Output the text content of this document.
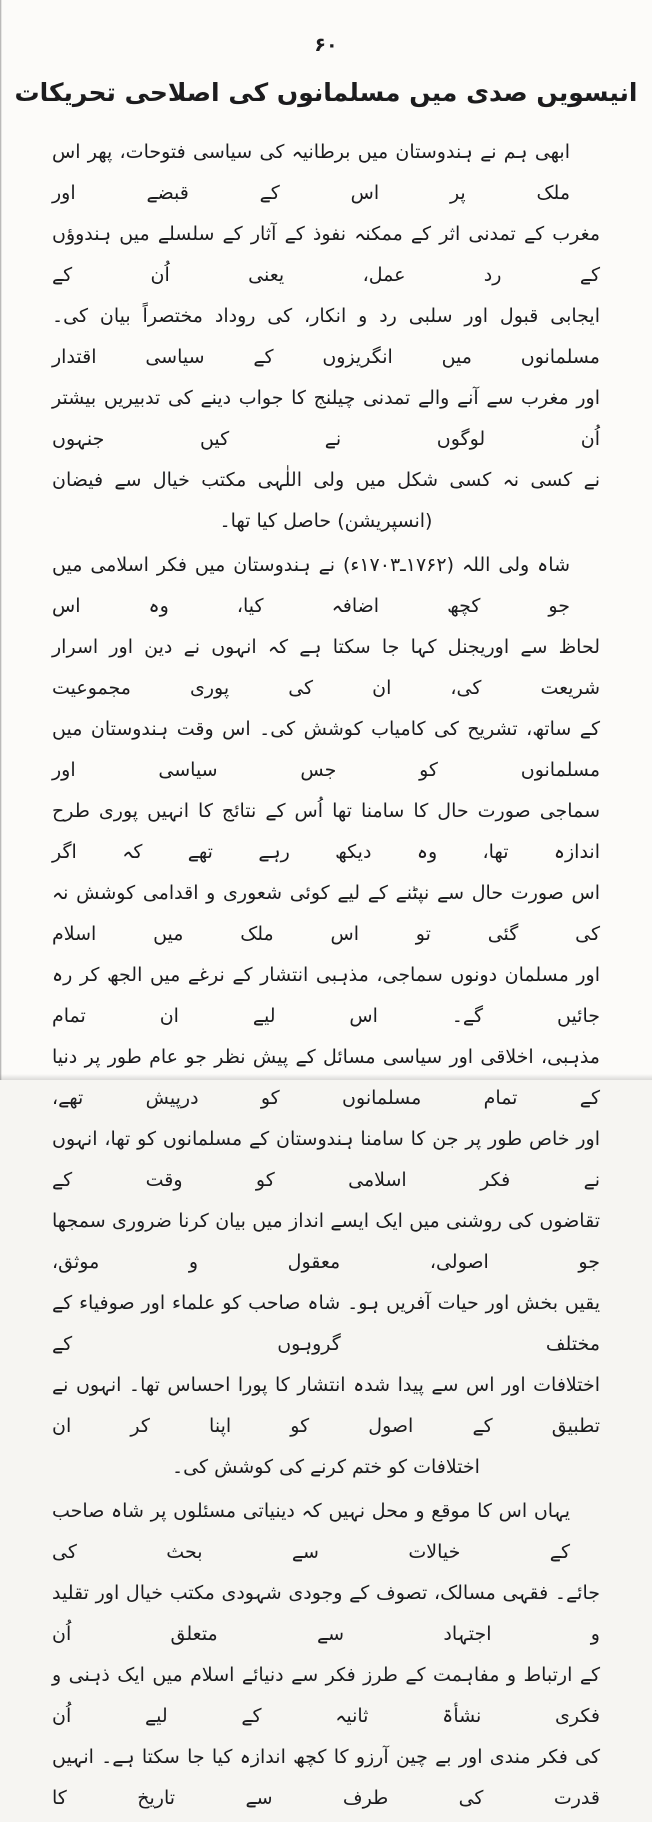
۶۰
انیسویں صدی میں مسلمانوں کی اصلاحی تحریکات
ابھی ہم نے ہندوستان میں برطانیہ کی سیاسی فتوحات، پھر اس ملک پر اس کے قبضے اور
مغرب کے تمدنی اثر کے ممکنہ نفوذ کے آثار کے سلسلے میں ہندوؤں کے رد عمل، یعنی اُن کے
ایجابی قبول اور سلبی رد و انکار، کی روداد مختصراً بیان کی۔ مسلمانوں میں انگریزوں کے سیاسی اقتدار
اور مغرب سے آنے والے تمدنی چیلنج کا جواب دینے کی تدبیریں بیشتر اُن لوگوں نے کیں جنہوں
نے کسی نہ کسی شکل میں ولی اللٰہی مکتب خیال سے فیضان (انسپریشن) حاصل کیا تھا۔
شاہ ولی اللہ (۱۷۶۲ـ۱۷۰۳ء) نے ہندوستان میں فکر اسلامی میں جو کچھ اضافہ کیا، وہ اس
لحاظ سے اوریجنل کہا جا سکتا ہے کہ انہوں نے دین اور اسرار شریعت کی، ان کی پوری مجموعیت
کے ساتھ، تشریح کی کامیاب کوشش کی۔ اس وقت ہندوستان میں مسلمانوں کو جس سیاسی اور
سماجی صورت حال کا سامنا تھا اُس کے نتائج کا انہیں پوری طرح اندازہ تھا، وہ دیکھ رہے تھے کہ اگر
اس صورت حال سے نپٹنے کے لیے کوئی شعوری و اقدامی کوشش نہ کی گئی تو اس ملک میں اسلام
اور مسلمان دونوں سماجی، مذہبی انتشار کے نرغے میں الجھ کر رہ جائیں گے۔ اس لیے ان تمام
مذہبی، اخلاقی اور سیاسی مسائل کے پیش نظر جو عام طور پر دنیا کے تمام مسلمانوں کو درپیش تھے،
اور خاص طور پر جن کا سامنا ہندوستان کے مسلمانوں کو تھا، انہوں نے فکر اسلامی کو وقت کے
تقاضوں کی روشنی میں ایک ایسے انداز میں بیان کرنا ضروری سمجھا جو اصولی، معقول و موثق،
یقیں بخش اور حیات آفریں ہو۔ شاہ صاحب کو علماء اور صوفیاء کے مختلف گروہوں کے
اختلافات اور اس سے پیدا شدہ انتشار کا پورا احساس تھا۔ انہوں نے تطبیق کے اصول کو اپنا کر ان
اختلافات کو ختم کرنے کی کوشش کی۔
یہاں اس کا موقع و محل نہیں کہ دینیاتی مسئلوں پر شاہ صاحب کے خیالات سے بحث کی
جائے۔ فقہی مسالک، تصوف کے وجودی شہودی مکتب خیال اور تقلید و اجتہاد سے متعلق اُن
کے ارتباط و مفاہمت کے طرز فکر سے دنیائے اسلام میں ایک ذہنی و فکری نشأۃ ثانیہ کے لیے اُن
کی فکر مندی اور بے چین آرزو کا کچھ اندازہ کیا جا سکتا ہے۔ انہیں قدرت کی طرف سے تاریخ کا
